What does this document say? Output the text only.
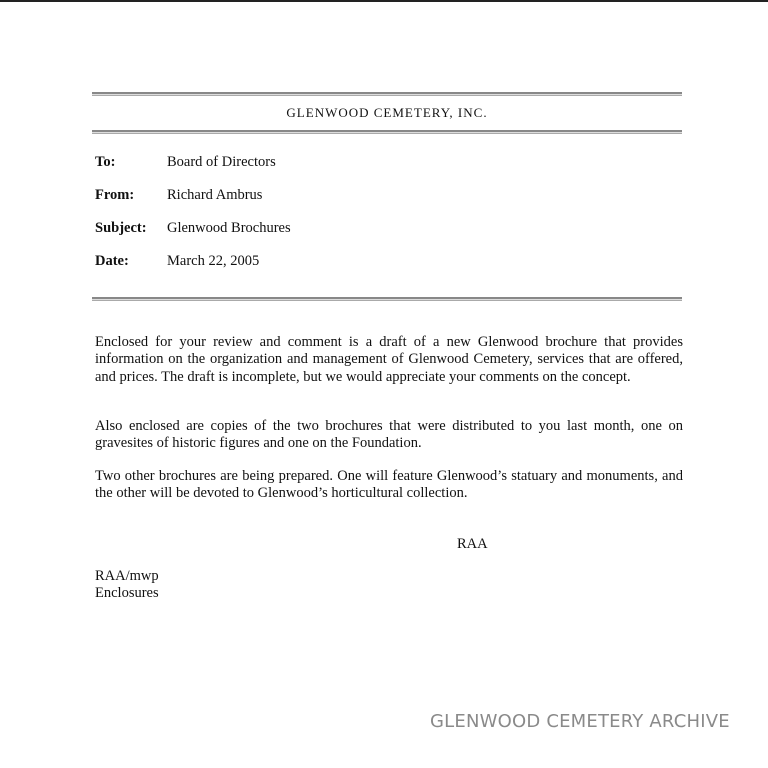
GLENWOOD CEMETERY, INC.
To:	Board of Directors
From: Richard Ambrus
Subject: Glenwood Brochures
Date:	March 22, 2005

Enclosed for your review and comment is a draft of a new Glenwood brochure that provides information on the organization and management of Glenwood Cemetery, services that are offered, and prices. The draft is incomplete, but we would appreciate your comments on the concept.

Also enclosed are copies of the two brochures that were distributed to you last month, one on gravesites of historic figures and one on the Foundation.

Two other brochures are being prepared. One will feature Glenwood’s statuary and monuments, and the other will be devoted to Glenwood’s horticultural collection.

RAA
RAA/mwp
Enclosures
GLENWOOD CEMETERY ARCHIVE
